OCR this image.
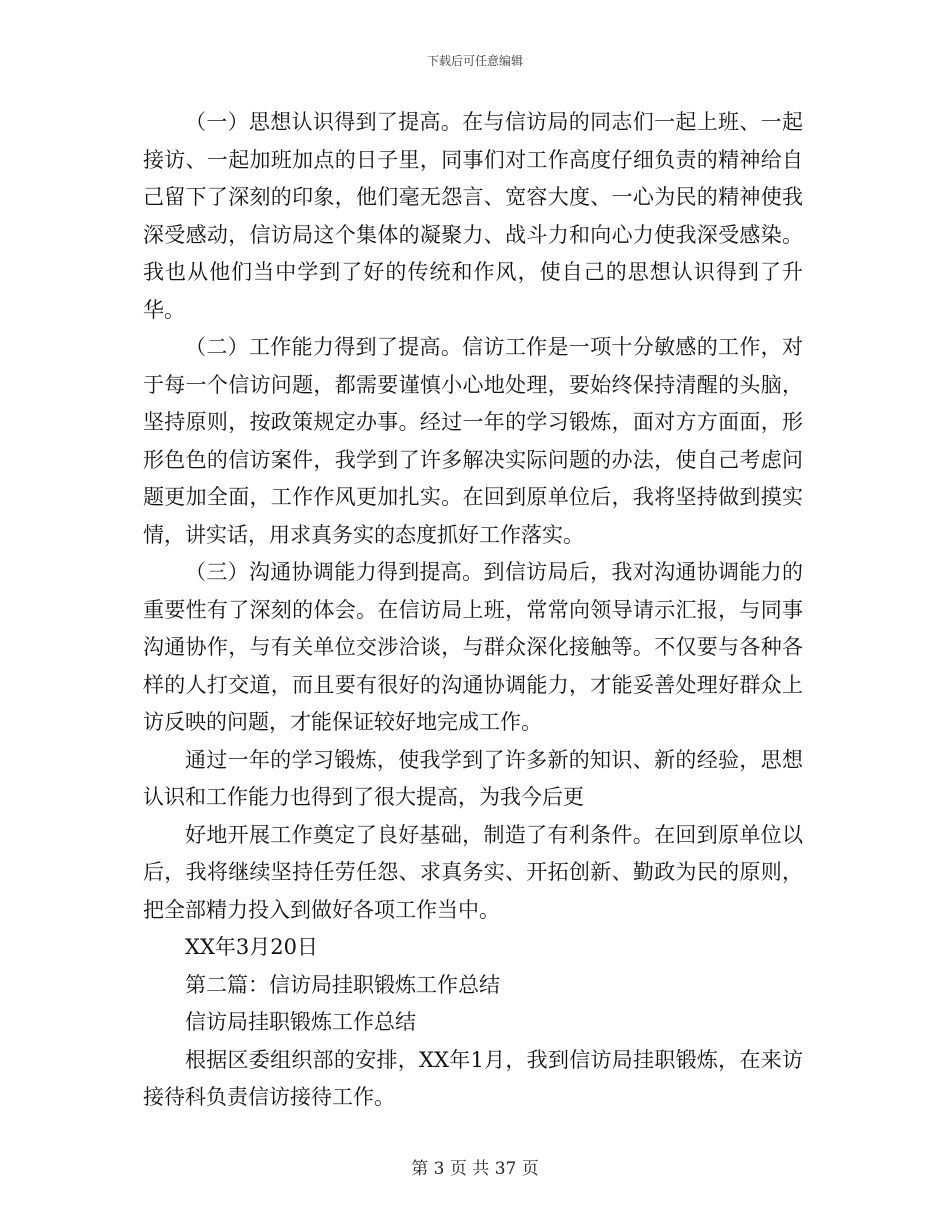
下载后可任意编辑

（一）思想认识得到了提高。在与信访局的同志们一起上班、一起接访、一起加班加点的日子里，同事们对工作高度仔细负责的精神给自己留下了深刻的印象，他们毫无怨言、宽容大度、一心为民的精神使我深受感动，信访局这个集体的凝聚力、战斗力和向心力使我深受感染。我也从他们当中学到了好的传统和作风，使自己的思想认识得到了升华。

（二）工作能力得到了提高。信访工作是一项十分敏感的工作，对于每一个信访问题，都需要谨慎小心地处理，要始终保持清醒的头脑，坚持原则，按政策规定办事。经过一年的学习锻炼，面对方方面面，形形色色的信访案件，我学到了许多解决实际问题的办法，使自己考虑问题更加全面，工作作风更加扎实。在回到原单位后，我将坚持做到摸实情，讲实话，用求真务实的态度抓好工作落实。

（三）沟通协调能力得到提高。到信访局后，我对沟通协调能力的重要性有了深刻的体会。在信访局上班，常常向领导请示汇报，与同事沟通协作，与有关单位交涉洽谈，与群众深化接触等。不仅要与各种各样的人打交道，而且要有很好的沟通协调能力，才能妥善处理好群众上访反映的问题，才能保证较好地完成工作。

通过一年的学习锻炼，使我学到了许多新的知识、新的经验，思想认识和工作能力也得到了很大提高，为我今后更

好地开展工作奠定了良好基础，制造了有利条件。在回到原单位以后，我将继续坚持任劳任怨、求真务实、开拓创新、勤政为民的原则，把全部精力投入到做好各项工作当中。

XX年3月20日

第二篇：信访局挂职锻炼工作总结

信访局挂职锻炼工作总结

根据区委组织部的安排，XX年1月，我到信访局挂职锻炼，在来访接待科负责信访接待工作。

第 3 页 共 37 页
